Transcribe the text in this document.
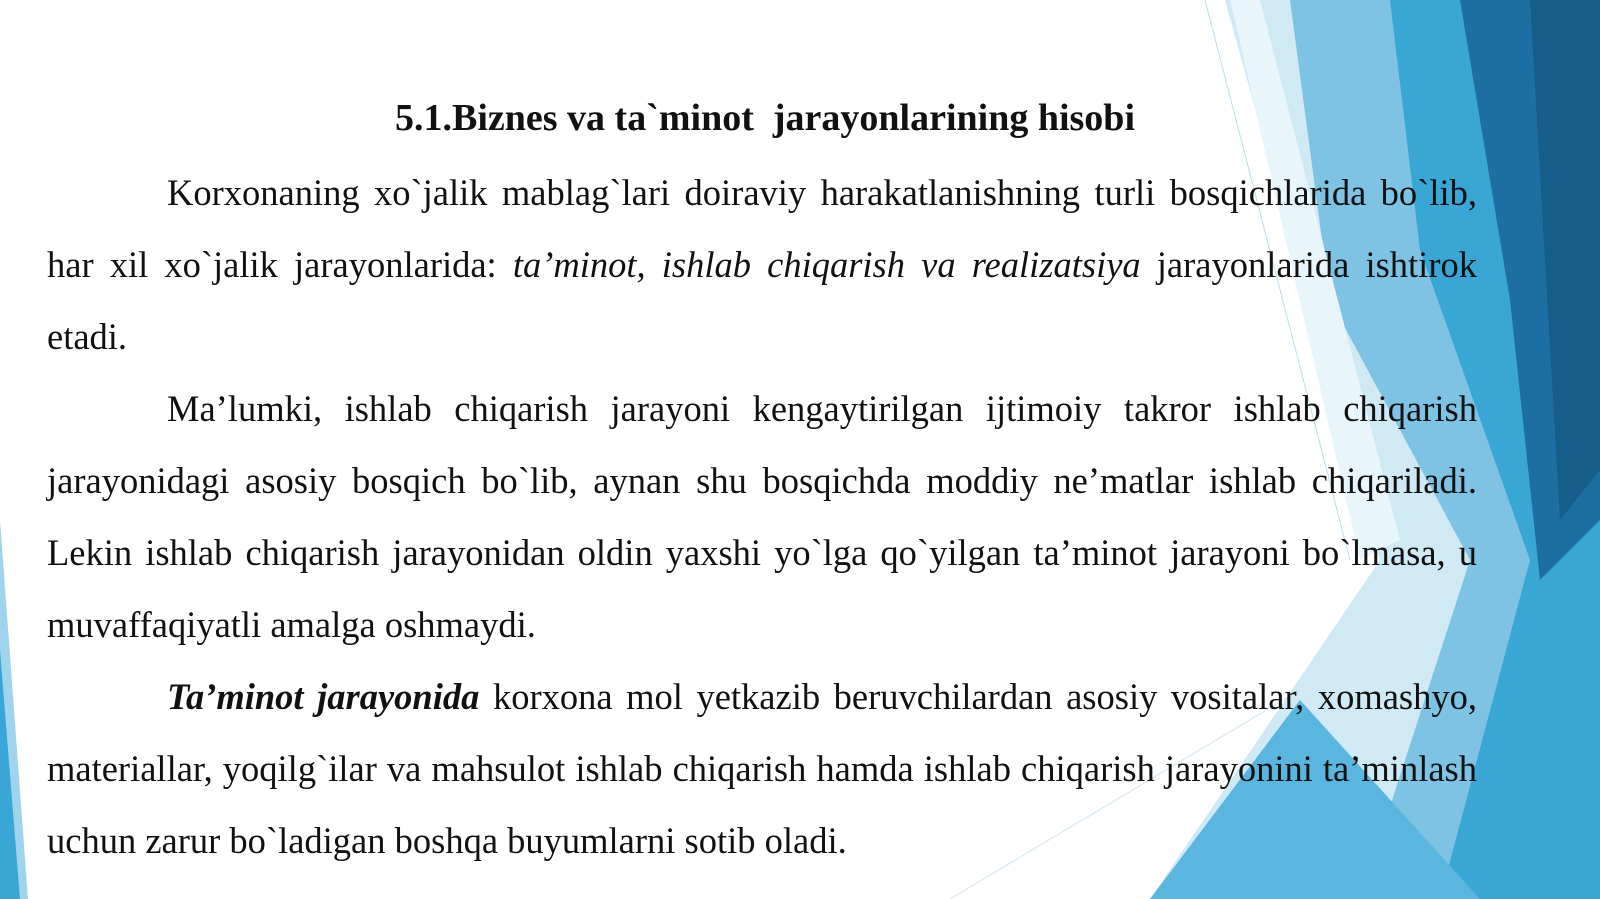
5.1.Biznes va ta`minot  jarayonlarining hisobi

Korxonaning xo`jalik mablag`lari doiraviy harakatlanishning turli bosqichlarida bo`lib, har xil xo`jalik jarayonlarida: ta’minot, ishlab chiqarish va realizatsiya jarayonlarida ishtirok etadi.

Ma’lumki, ishlab chiqarish jarayoni kengaytirilgan ijtimoiy takror ishlab chiqarish jarayonidagi asosiy bosqich bo`lib, aynan shu bosqichda moddiy ne’matlar ishlab chiqariladi. Lekin ishlab chiqarish jarayonidan oldin yaxshi yo`lga qo`yilgan ta’minot jarayoni bo`lmasa, u muvaffaqiyatli amalga oshmaydi.

Ta’minot jarayonida korxona mol yetkazib beruvchilardan asosiy vositalar, xomashyo, materiallar, yoqilg`ilar va mahsulot ishlab chiqarish hamda ishlab chiqarish jarayonini ta’minlash uchun zarur bo`ladigan boshqa buyumlarni sotib oladi.
